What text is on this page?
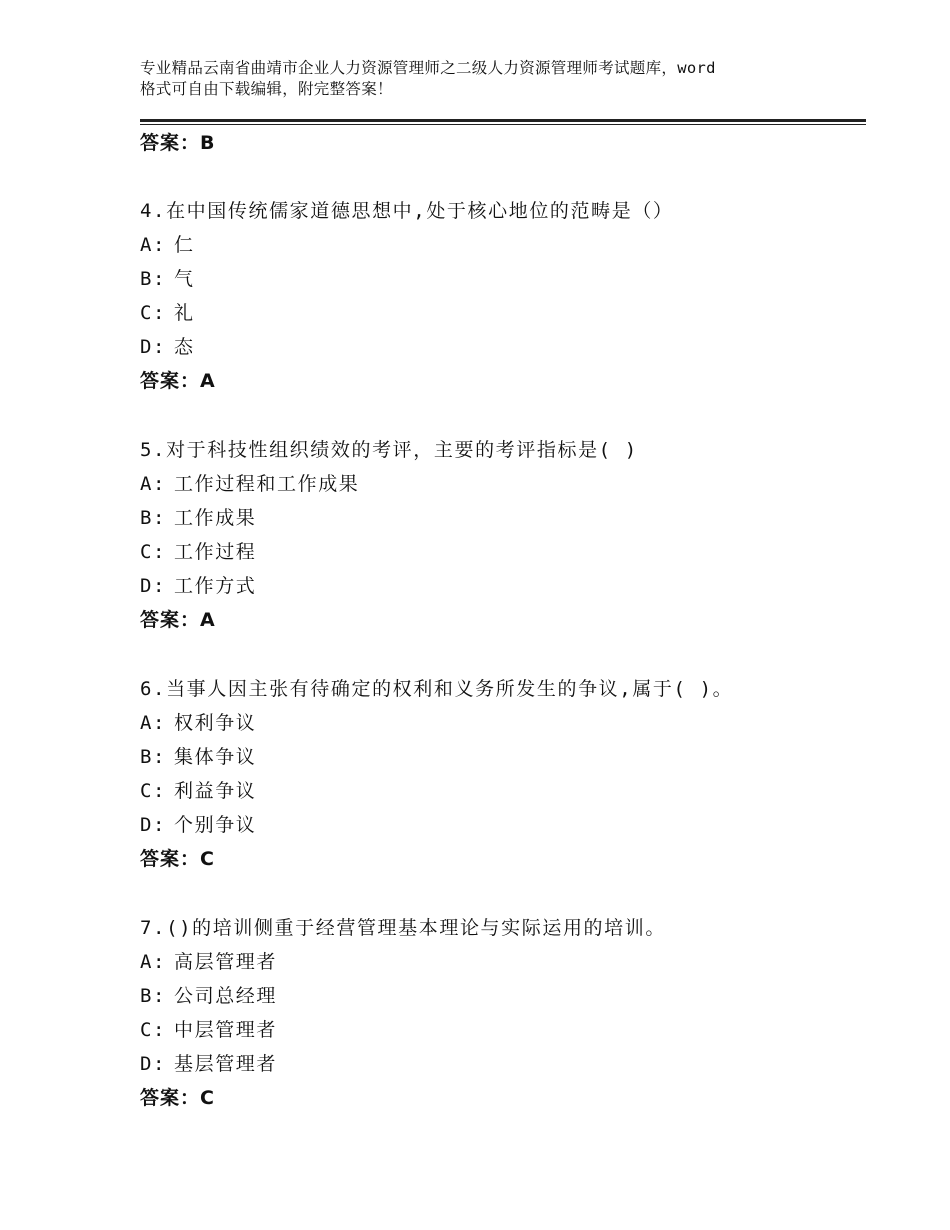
专业精品云南省曲靖市企业人力资源管理师之二级人力资源管理师考试题库，word
格式可自由下载编辑，附完整答案！
答案：B
4.在中国传统儒家道德思想中,处于核心地位的范畴是（）
A: 仁
B: 气
C: 礼
D: 态
答案：A
5.对于科技性组织绩效的考评，主要的考评指标是( )
A: 工作过程和工作成果
B: 工作成果
C: 工作过程
D: 工作方式
答案：A
6.当事人因主张有待确定的权利和义务所发生的争议,属于( )。
A: 权利争议
B: 集体争议
C: 利益争议
D: 个别争议
答案：C
7.()的培训侧重于经营管理基本理论与实际运用的培训。
A: 高层管理者
B: 公司总经理
C: 中层管理者
D: 基层管理者
答案：C
